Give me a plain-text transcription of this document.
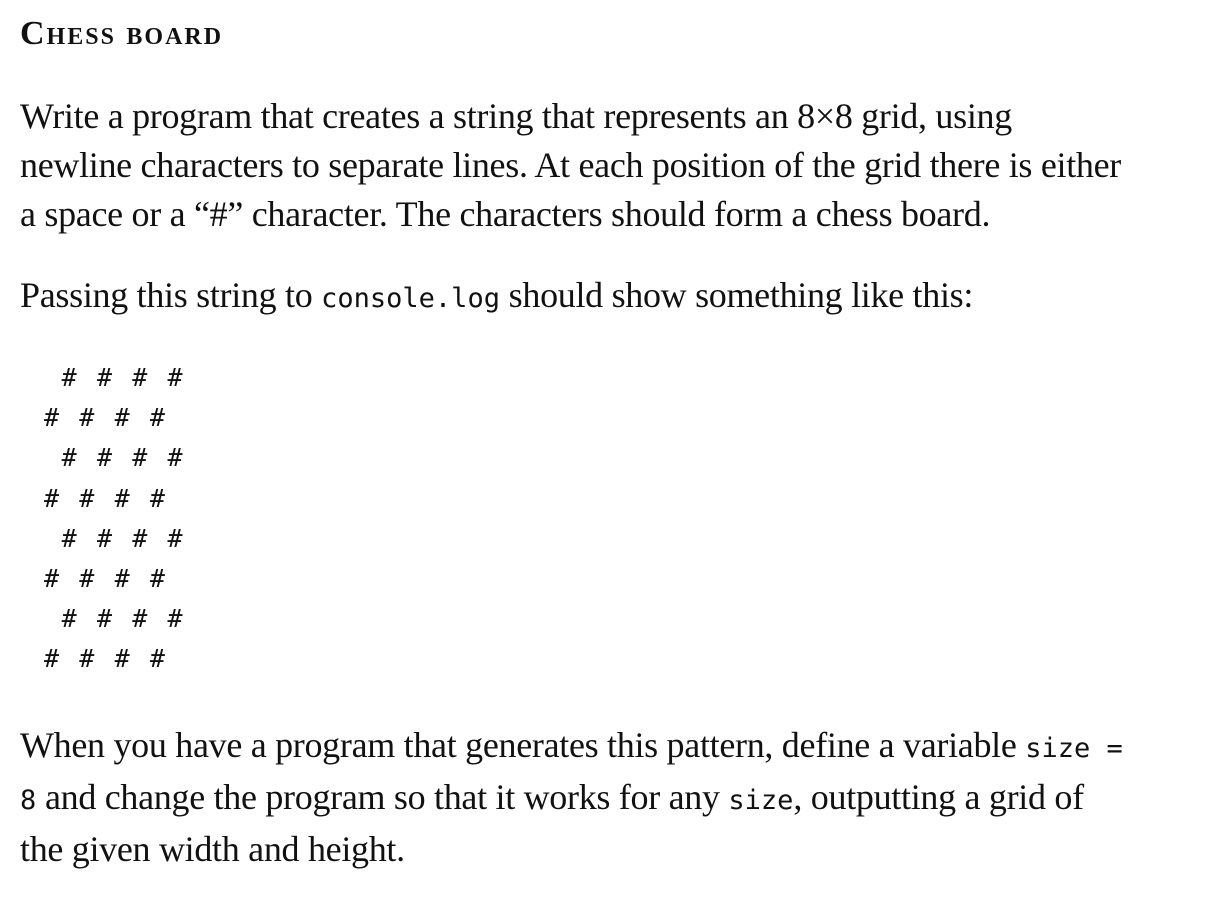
Chess board

Write a program that creates a string that represents an 8×8 grid, using
newline characters to separate lines. At each position of the grid there is either
a space or a “#” character. The characters should form a chess board.

Passing this string to console.log should show something like this:

# # # #
# # # #
# # # #
# # # #
# # # #
# # # #
# # # #
# # # #

When you have a program that generates this pattern, define a variable size =
8 and change the program so that it works for any size, outputting a grid of
the given width and height.
